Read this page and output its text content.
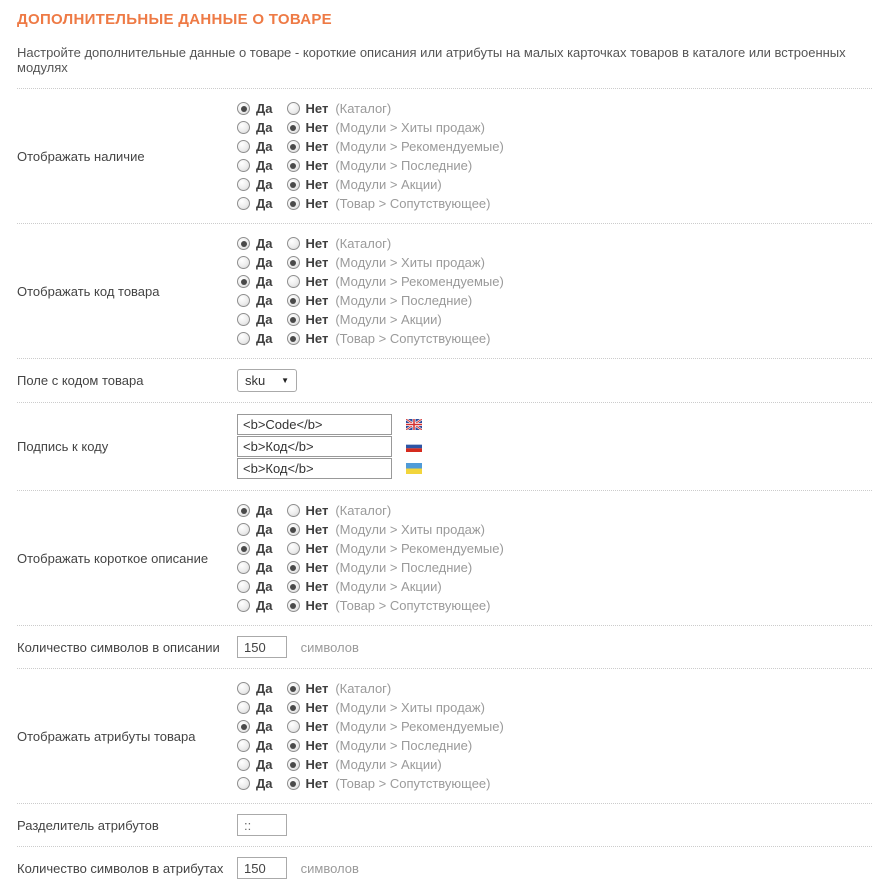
ДОПОЛНИТЕЛЬНЫЕ ДАННЫЕ О ТОВАРЕ
Настройте дополнительные данные о товаре - короткие описания или атрибуты на малых карточках товаров в каталоге или встроенных модулях
Отображать наличие
Да	Нет (Каталог)
Да	Нет (Модули > Хиты продаж)
Да	Нет (Модули > Рекомендуемые)
Да	Нет (Модули > Последние)
Да	Нет (Модули > Акции)
Да	Нет (Товар > Сопутствующее)
Отображать код товара
Да	Нет (Каталог)
Да	Нет (Модули > Хиты продаж)
Да	Нет (Модули > Рекомендуемые)
Да	Нет (Модули > Последние)
Да	Нет (Модули > Акции)
Да	Нет (Товар > Сопутствующее)
Поле с кодом товара	sku ▼
Подпись к коду
<b>Code</b>
<b>Код</b>
<b>Код</b>
Отображать короткое описание
Да	Нет (Каталог)
Да	Нет (Модули > Хиты продаж)
Да	Нет (Модули > Рекомендуемые)
Да	Нет (Модули > Последние)
Да	Нет (Модули > Акции)
Да	Нет (Товар > Сопутствующее)
Количество символов в описании
150	символов
Отображать атрибуты товара
Да	Нет (Каталог)
Да	Нет (Модули > Хиты продаж)
Да	Нет (Модули > Рекомендуемые)
Да	Нет (Модули > Последние)
Да	Нет (Модули > Акции)
Да	Нет (Товар > Сопутствующее)
Разделитель атрибутов
::
Количество символов в атрибутах
150	символов
